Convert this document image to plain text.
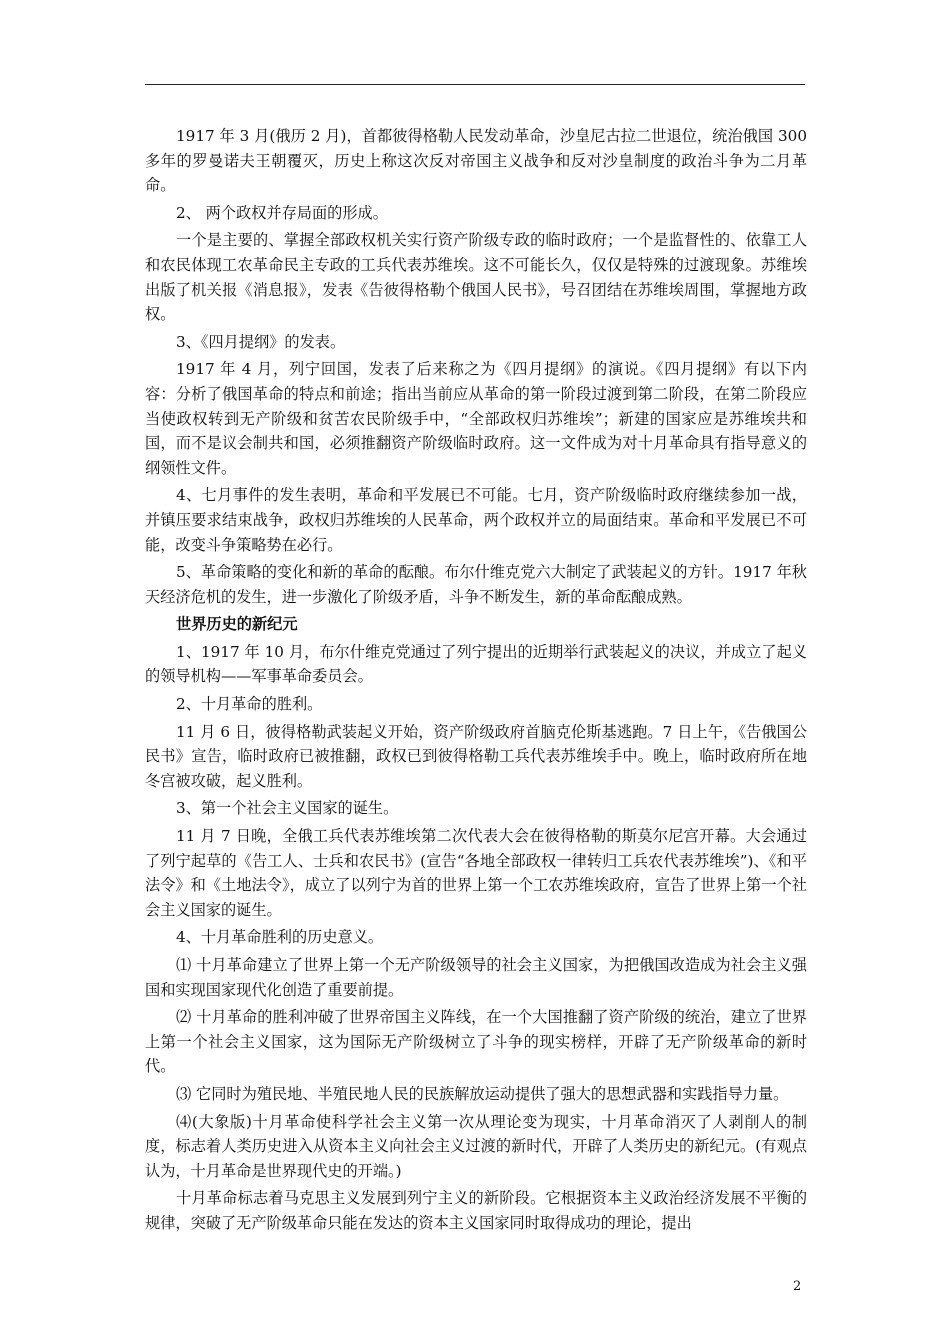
1917 年 3 月(俄历 2 月)，首都彼得格勒人民发动革命，沙皇尼古拉二世退位，统治俄国 300 多年的罗曼诺夫王朝覆灭，历史上称这次反对帝国主义战争和反对沙皇制度的政治斗争为二月革命。

2、 两个政权并存局面的形成。

一个是主要的、掌握全部政权机关实行资产阶级专政的临时政府；一个是监督性的、依靠工人和农民体现工农革命民主专政的工兵代表苏维埃。这不可能长久，仅仅是特殊的过渡现象。苏维埃出版了机关报《消息报》，发表《告彼得格勒个俄国人民书》，号召团结在苏维埃周围，掌握地方政权。

3、《四月提纲》的发表。

1917 年 4 月，列宁回国，发表了后来称之为《四月提纲》的演说。《四月提纲》有以下内容：分析了俄国革命的特点和前途；指出当前应从革命的第一阶段过渡到第二阶段，在第二阶段应当使政权转到无产阶级和贫苦农民阶级手中，“全部政权归苏维埃”；新建的国家应是苏维埃共和国，而不是议会制共和国，必须推翻资产阶级临时政府。这一文件成为对十月革命具有指导意义的纲领性文件。

4、七月事件的发生表明，革命和平发展已不可能。七月，资产阶级临时政府继续参加一战，并镇压要求结束战争，政权归苏维埃的人民革命，两个政权并立的局面结束。革命和平发展已不可能，改变斗争策略势在必行。

5、革命策略的变化和新的革命的酝酿。布尔什维克党六大制定了武装起义的方针。1917 年秋天经济危机的发生，进一步激化了阶级矛盾，斗争不断发生，新的革命酝酿成熟。

世界历史的新纪元

1、1917 年 10 月，布尔什维克党通过了列宁提出的近期举行武装起义的决议，并成立了起义的领导机构——军事革命委员会。

2、十月革命的胜利。

11 月 6 日，彼得格勒武装起义开始，资产阶级政府首脑克伦斯基逃跑。7 日上午，《告俄国公民书》宣告，临时政府已被推翻，政权已到彼得格勒工兵代表苏维埃手中。晚上，临时政府所在地冬宫被攻破，起义胜利。

3、第一个社会主义国家的诞生。

11 月 7 日晚，全俄工兵代表苏维埃第二次代表大会在彼得格勒的斯莫尔尼宫开幕。大会通过了列宁起草的《告工人、士兵和农民书》(宣告“各地全部政权一律转归工兵农代表苏维埃”)、《和平法令》和《土地法令》，成立了以列宁为首的世界上第一个工农苏维埃政府，宣告了世界上第一个社会主义国家的诞生。

4、十月革命胜利的历史意义。

⑴ 十月革命建立了世界上第一个无产阶级领导的社会主义国家，为把俄国改造成为社会主义强国和实现国家现代化创造了重要前提。

⑵ 十月革命的胜利冲破了世界帝国主义阵线，在一个大国推翻了资产阶级的统治，建立了世界上第一个社会主义国家，这为国际无产阶级树立了斗争的现实榜样，开辟了无产阶级革命的新时代。

⑶ 它同时为殖民地、半殖民地人民的民族解放运动提供了强大的思想武器和实践指导力量。

⑷(大象版)十月革命使科学社会主义第一次从理论变为现实，十月革命消灭了人剥削人的制度，标志着人类历史进入从资本主义向社会主义过渡的新时代，开辟了人类历史的新纪元。(有观点认为，十月革命是世界现代史的开端。)

十月革命标志着马克思主义发展到列宁主义的新阶段。它根据资本主义政治经济发展不平衡的规律，突破了无产阶级革命只能在发达的资本主义国家同时取得成功的理论，提出

2
